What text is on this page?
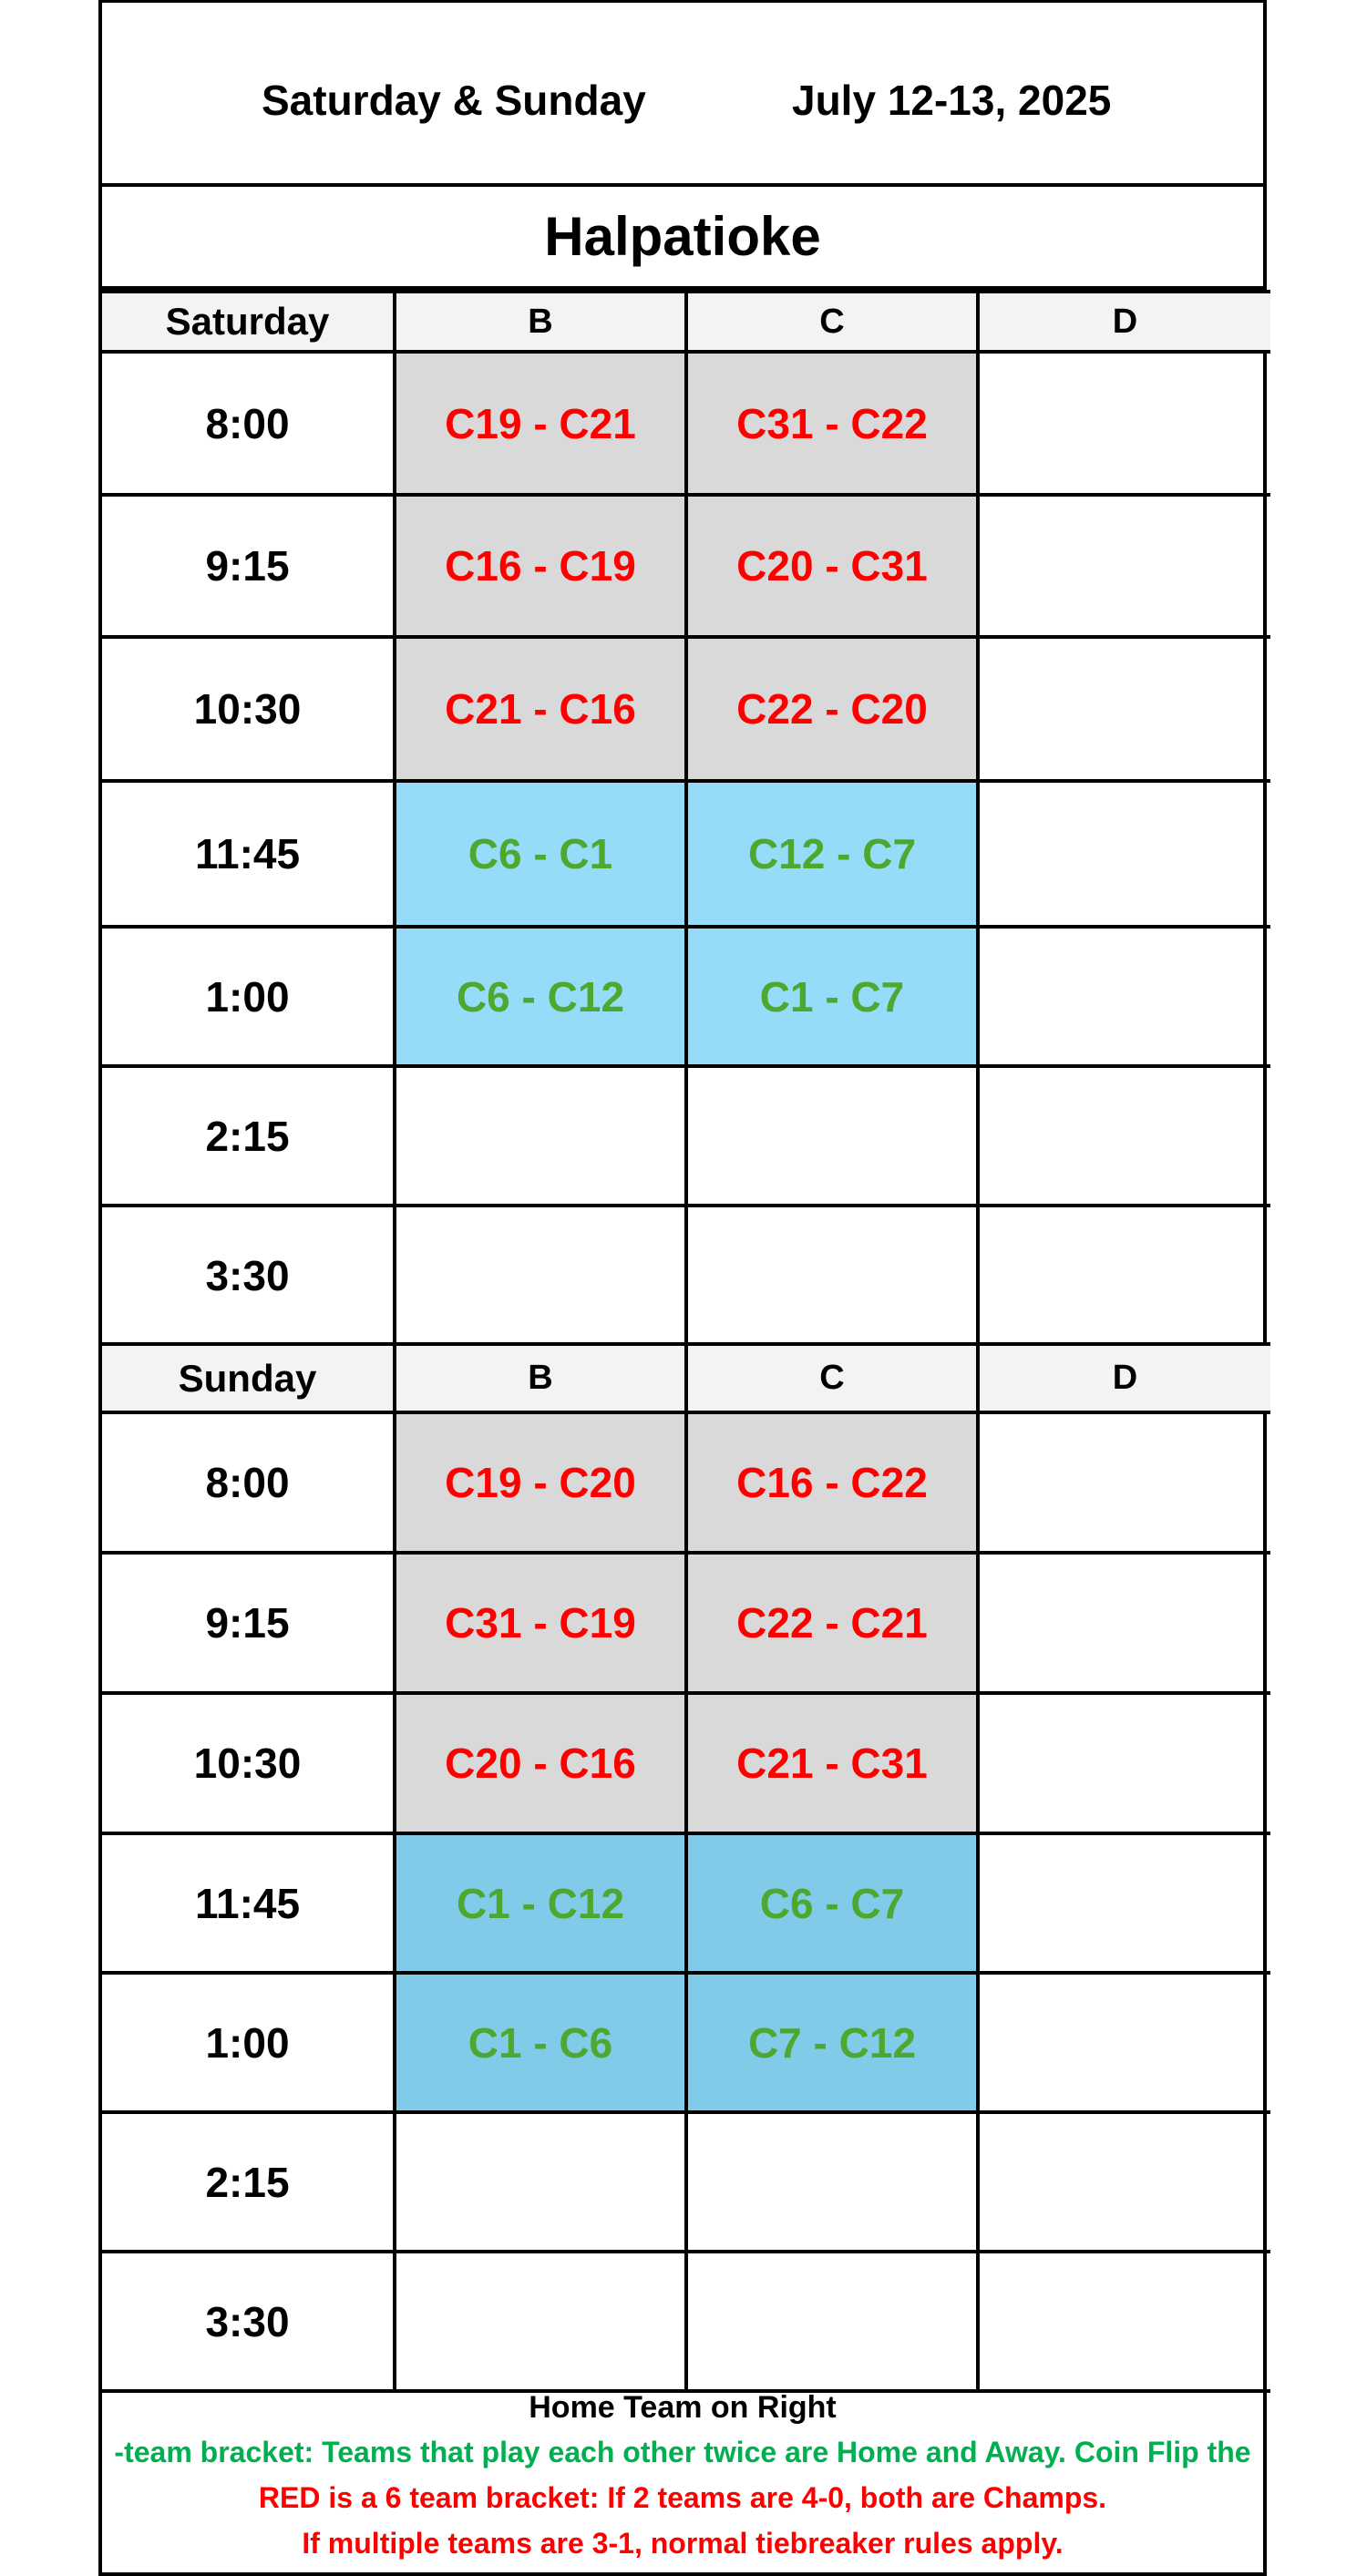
Saturday & Sunday	July 12-13, 2025
Halpatioke
Saturday	B	C	D
8:00	C19 - C21	C31 - C22	
9:15	C16 - C19	C20 - C31	
10:30	C21 - C16	C22 - C20	
11:45	C6 - C1	C12 - C7	
1:00	C6 - C12	C1 - C7	
2:15			
3:30			
Sunday	B	C	D
8:00	C19 - C20	C16 - C22	
9:15	C31 - C19	C22 - C21	
10:30	C20 - C16	C21 - C31	
11:45	C1 - C12	C6 - C7	
1:00	C1 - C6	C7 - C12	
2:15			
3:30			
Home Team on Right
-team bracket: Teams that play each other twice are Home and Away. Coin Flip the
RED is a 6 team bracket: If 2 teams are 4-0, both are Champs.
If multiple teams are 3-1, normal tiebreaker rules apply.
